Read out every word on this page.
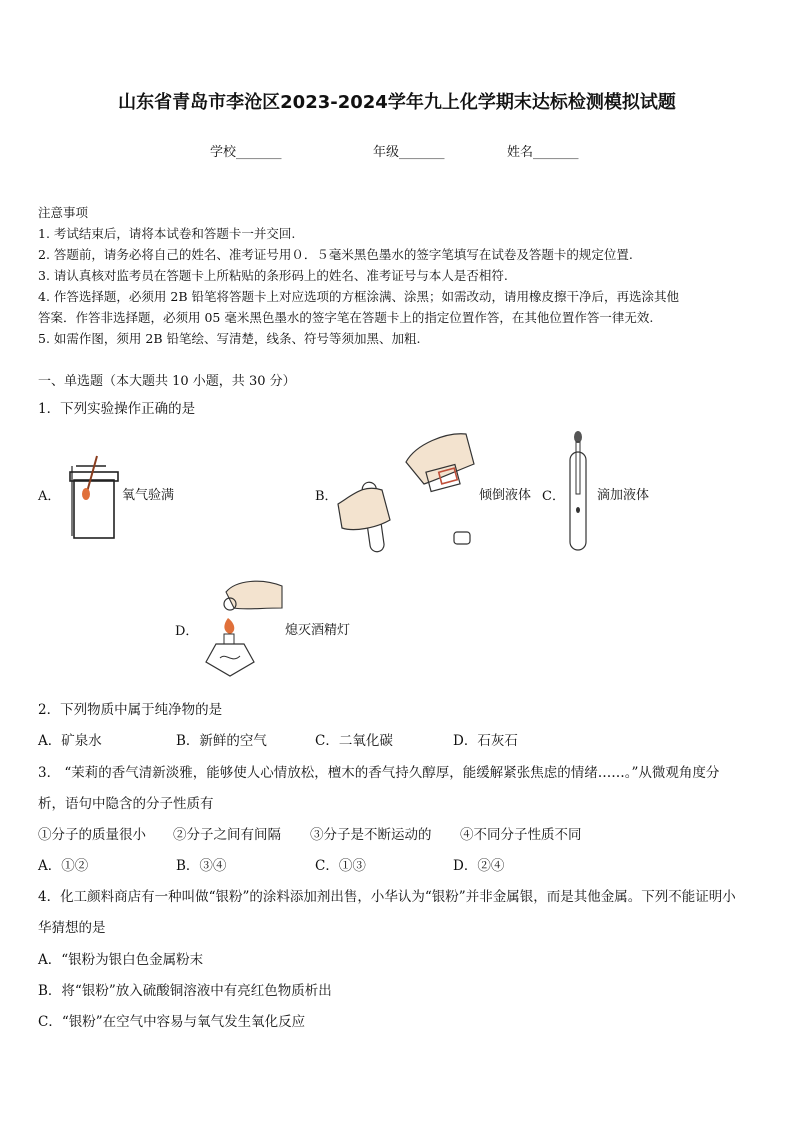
山东省青岛市李沧区2023-2024学年九上化学期末达标检测模拟试题
学校_______	年级_______	姓名_______
注意事项
1. 考试结束后，请将本试卷和答题卡一并交回.
2. 答题前，请务必将自己的姓名、准考证号用０．５毫米黑色墨水的签字笔填写在试卷及答题卡的规定位置.
3. 请认真核对监考员在答题卡上所粘贴的条形码上的姓名、准考证号与本人是否相符.
4. 作答选择题，必须用 2B 铅笔将答题卡上对应选项的方框涂满、涂黑；如需改动，请用橡皮擦干净后，再选涂其他
答案．作答非选择题，必须用 05 毫米黑色墨水的签字笔在答题卡上的指定位置作答，在其他位置作答一律无效.
5. 如需作图，须用 2B 铅笔绘、写清楚，线条、符号等须加黑、加粗.
一、单选题（本大题共 10 小题，共 30 分）
1．下列实验操作正确的是
A．	氧气验满	B．	倾倒液体 C． 滴加液体
D．	熄灭酒精灯
2．下列物质中属于纯净物的是
A．矿泉水	B．新鲜的空气	C．二氧化碳	D．石灰石
3． “茉莉的香气清新淡雅，能够使人心情放松，檀木的香气持久醇厚，能缓解紧张焦虑的情绪……。”从微观角度分
析，语句中隐含的分子性质有
①分子的质量很小 ②分子之间有间隔 ③分子是不断运动的 ④不同分子性质不同
A．①②	B．③④	C．①③	D．②④
4．化工颜料商店有一种叫做“银粉”的涂料添加剂出售，小华认为“银粉”并非金属银，而是其他金属。下列不能证明小
华猜想的是
A．“银粉为银白色金属粉末
B．将“银粉”放入硫酸铜溶液中有亮红色物质析出
C．“银粉”在空气中容易与氧气发生氧化反应
